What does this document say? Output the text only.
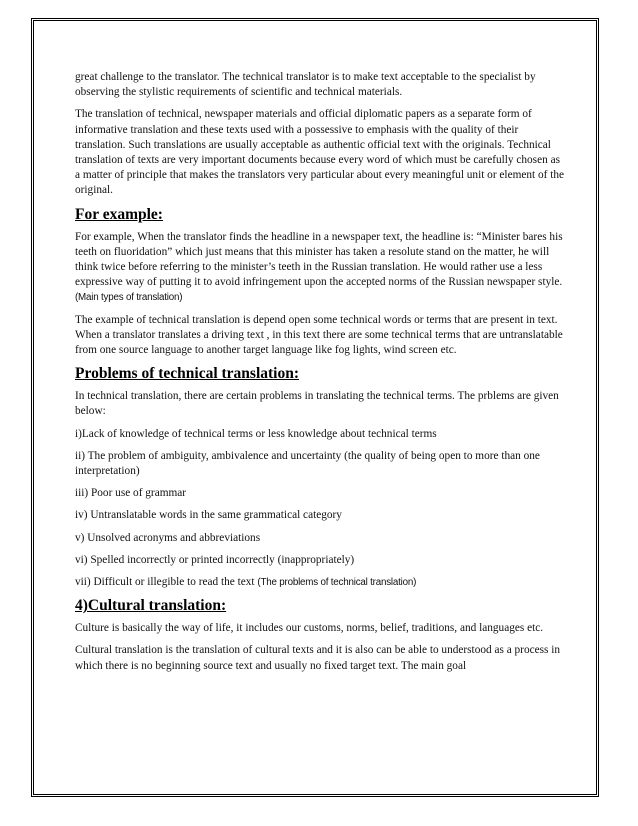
great challenge to the translator. The technical translator is to make text acceptable to the specialist by observing the stylistic requirements of scientific and technical materials.

The translation of technical, newspaper materials and official diplomatic papers as a separate form of informative translation and these texts used with a possessive to emphasis with the quality of their translation. Such translations are usually acceptable as authentic official text with the originals. Technical translation of texts are very important documents because every word of which must be carefully chosen as a matter of principle that makes the translators very particular about every meaningful unit or element of the original.

For example:

For example, When the translator finds the headline in a newspaper text, the headline is: “Minister bares his teeth on fluoridation” which just means that this minister has taken a resolute stand on the matter, he will think twice before referring to the minister’s teeth in the Russian translation. He would rather use a less expressive way of putting it to avoid infringement upon the accepted norms of the Russian newspaper style. (Main types of translation)

The example of technical translation is depend open some technical words or terms that are present in text. When a translator translates a driving text , in this text there are some technical terms that are untranslatable from one source language to another target language like fog lights, wind screen etc.

Problems of technical translation:

In technical translation, there are certain problems in translating the technical terms. The prblems are given below:

i)Lack of knowledge of technical terms or less knowledge about technical terms

ii) The problem of ambiguity, ambivalence and uncertainty (the quality of being open to more than one interpretation)

iii) Poor use of grammar

iv) Untranslatable words in the same grammatical category

v) Unsolved acronyms and abbreviations

vi) Spelled incorrectly or printed incorrectly (inappropriately)

vii) Difficult or illegible to read the text (The problems of technical translation)

4)Cultural translation:

Culture is basically the way of life, it includes our customs, norms, belief, traditions, and languages etc.

Cultural translation is the translation of cultural texts and it is also can be able to understood as a process in which there is no beginning source text and usually no fixed target text. The main goal
